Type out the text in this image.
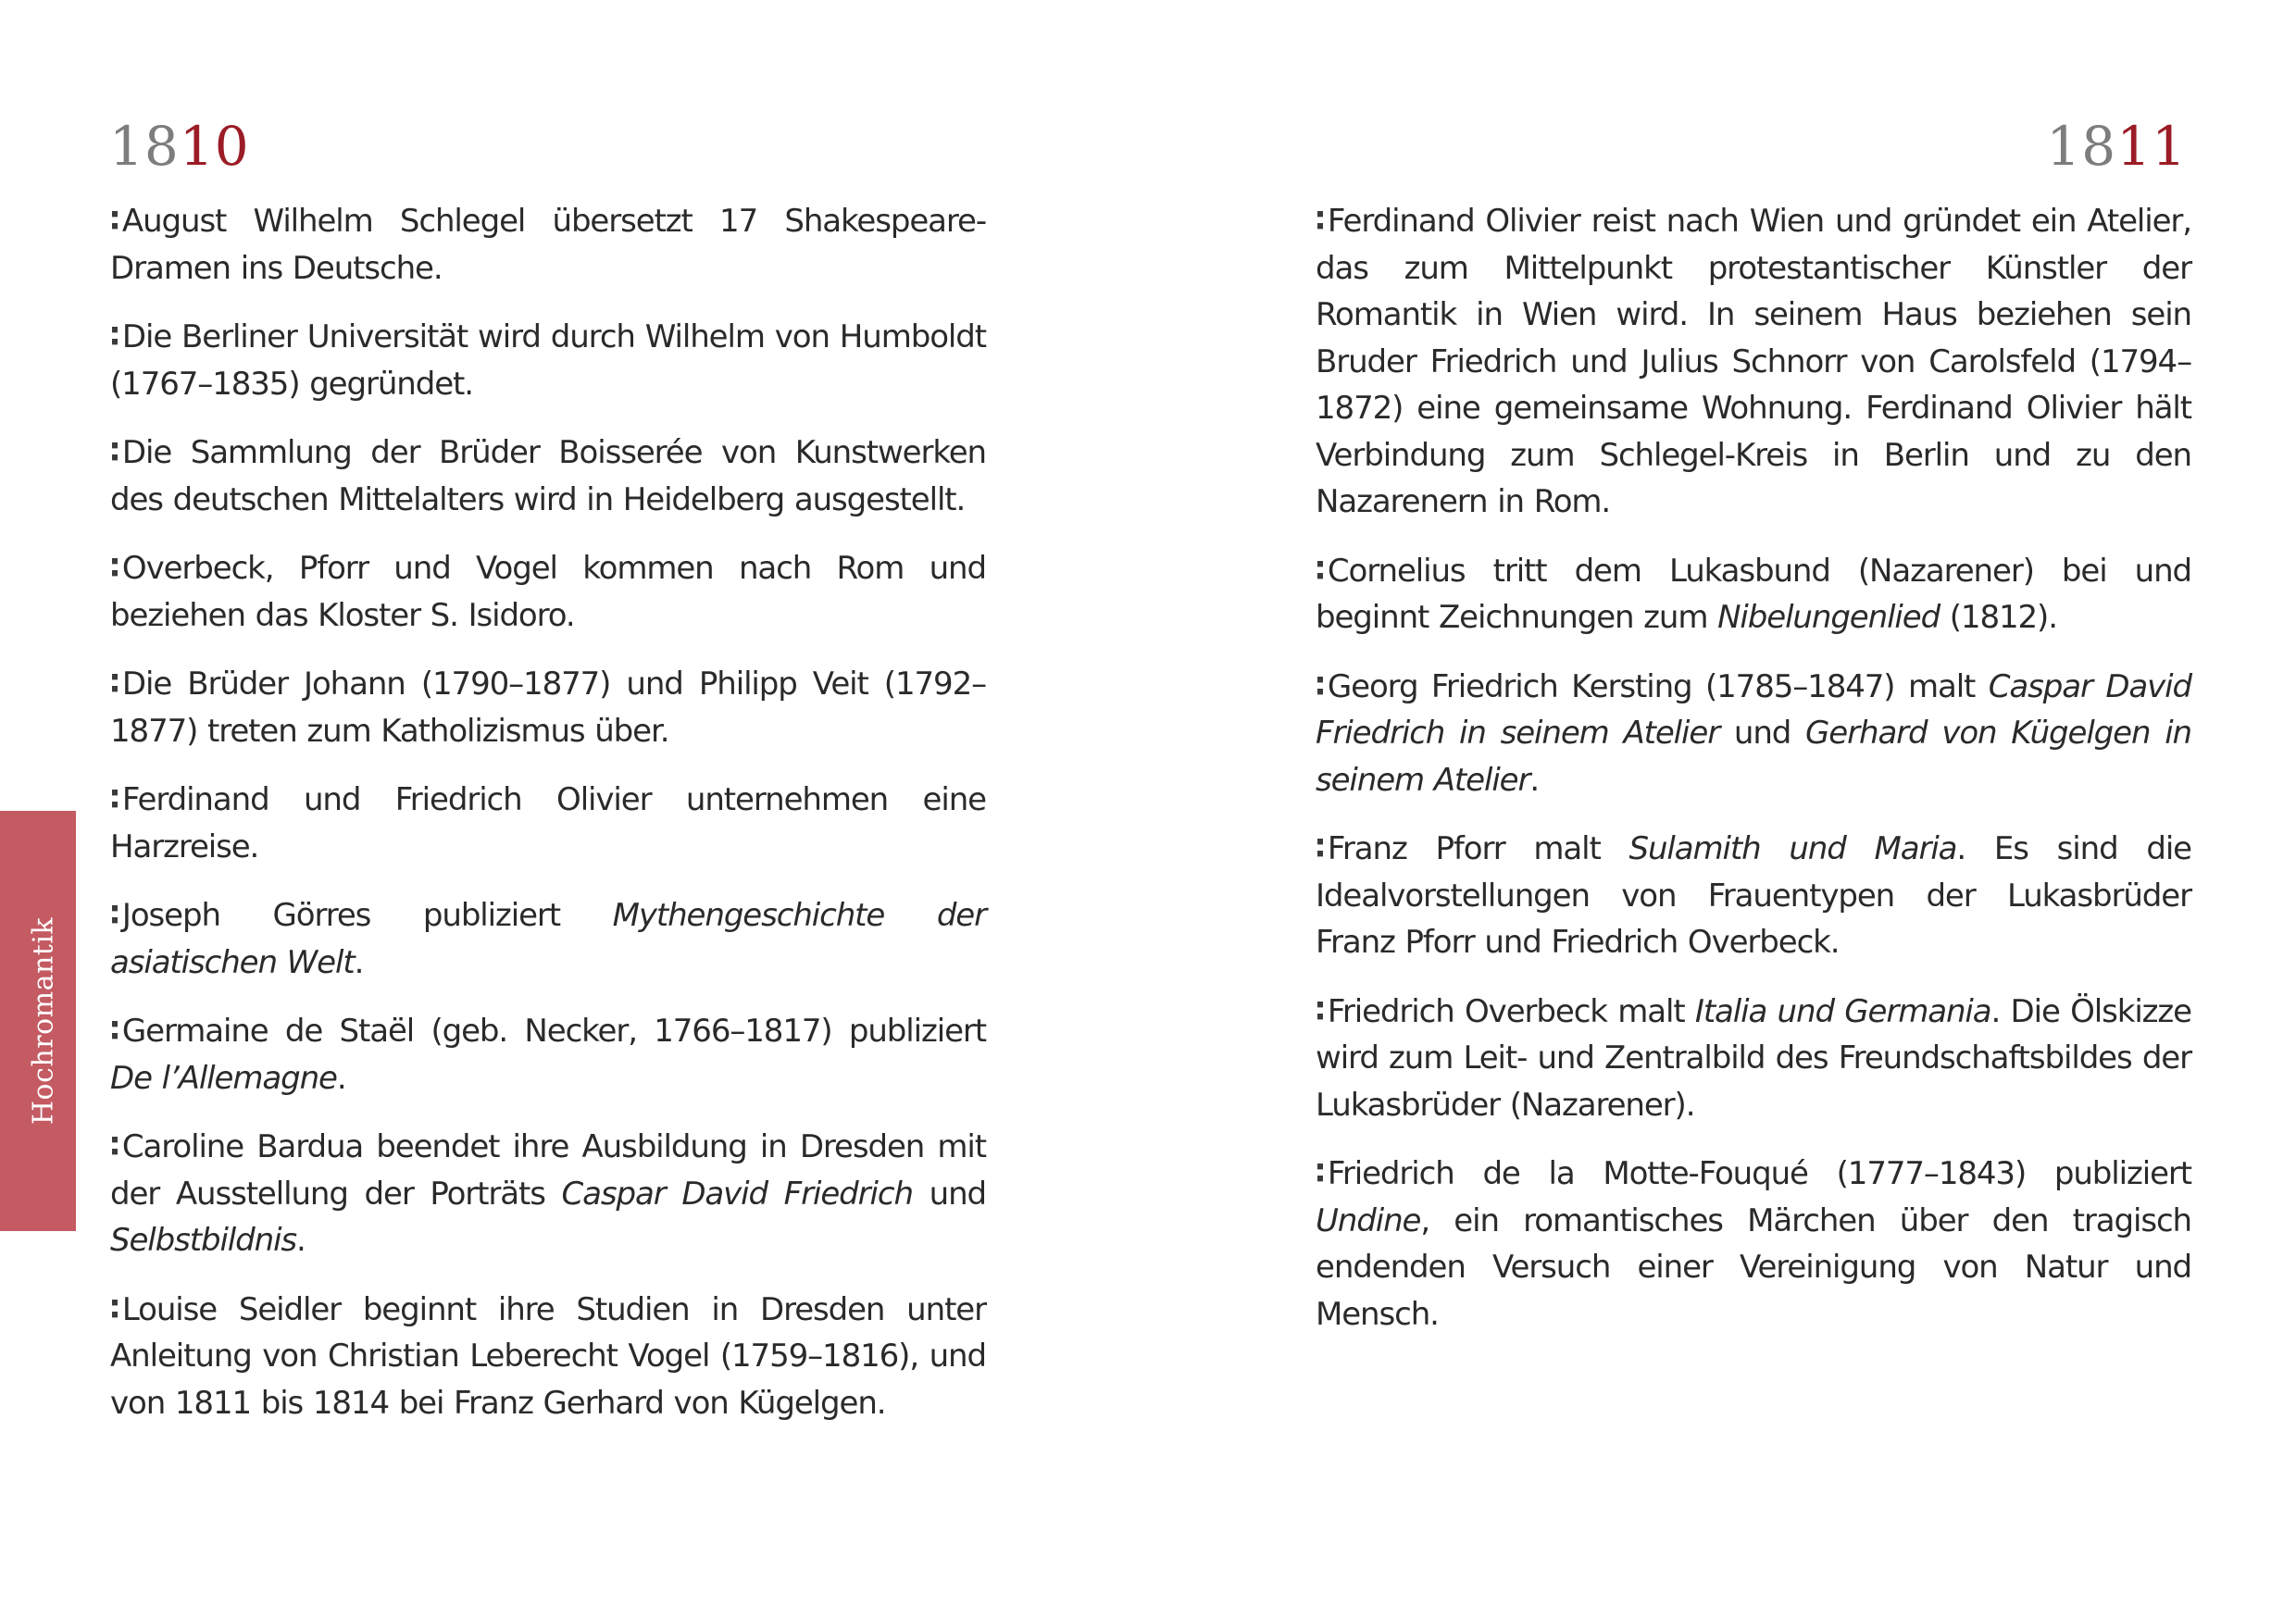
1810	1811
Hochromantik

∶ August Wilhelm Schlegel übersetzt 17 Shakespeare-Dramen ins Deutsche.

∶ Die Berliner Universität wird durch Wilhelm von Humboldt (1767–1835) gegründet.

∶ Die Sammlung der Brüder Boisserée von Kunstwerken des deutschen Mittelalters wird in Heidelberg ausgestellt.

∶ Overbeck, Pforr und Vogel kommen nach Rom und beziehen das Kloster S. Isidoro.

∶ Die Brüder Johann (1790–1877) und Philipp Veit (1792–1877) treten zum Katholizismus über.

∶ Ferdinand und Friedrich Olivier unternehmen eine Harzreise.

∶ Joseph Görres publiziert Mythengeschichte der asiatischen Welt.

∶ Germaine de Staël (geb. Necker, 1766–1817) publiziert De l’Allemagne.

∶ Caroline Bardua beendet ihre Ausbildung in Dresden mit der Ausstellung der Porträts Caspar David Friedrich und Selbstbildnis.

∶ Louise Seidler beginnt ihre Studien in Dresden unter Anleitung von Christian Leberecht Vogel (1759–1816), und von 1811 bis 1814 bei Franz Gerhard von Kügelgen.

∶ Ferdinand Olivier reist nach Wien und gründet ein Atelier, das zum Mittelpunkt protestantischer Künstler der Romantik in Wien wird. In seinem Haus beziehen sein Bruder Friedrich und Julius Schnorr von Carolsfeld (1794–1872) eine gemeinsame Wohnung. Ferdinand Olivier hält Verbindung zum Schlegel-Kreis in Berlin und zu den Nazarenern in Rom.

∶ Cornelius tritt dem Lukasbund (Nazarener) bei und beginnt Zeichnungen zum Nibelungenlied (1812).

∶ Georg Friedrich Kersting (1785–1847) malt Caspar David Friedrich in seinem Atelier und Gerhard von Kügelgen in seinem Atelier.

∶ Franz Pforr malt Sulamith und Maria. Es sind die Idealvorstellungen von Frauentypen der Lukasbrüder Franz Pforr und Friedrich Overbeck.

∶ Friedrich Overbeck malt Italia und Germania. Die Ölskizze wird zum Leit- und Zentralbild des Freundschaftsbildes der Lukasbrüder (Nazarener).

∶ Friedrich de la Motte-Fouqué (1777–1843) publiziert Undine, ein romantisches Märchen über den tragisch endenden Versuch einer Vereinigung von Natur und Mensch.
